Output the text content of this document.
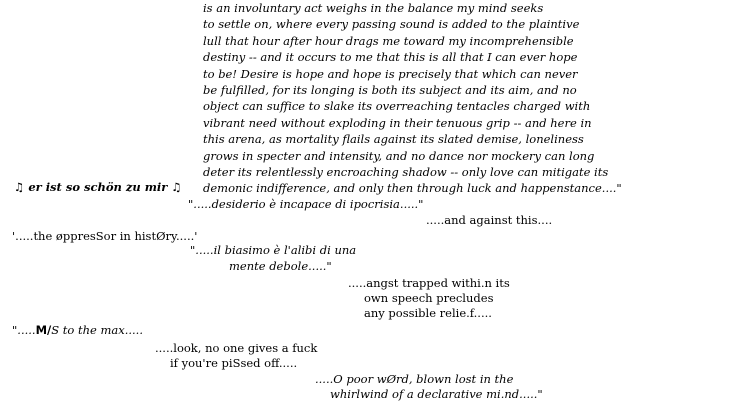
is an involuntary act weighs in the balance my mind seeks
to settle on, where every passing sound is added to the plaintive
lull that hour after hour drags me toward my incomprehensible
destiny -- and it occurs to me that this is all that I can ever hope
to be! Desire is hope and hope is precisely that which can never
be fulfilled, for its longing is both its subject and its aim, and no
object can suffice to slake its overreaching tentacles charged with
vibrant need without exploding in their tenuous grip -- and here in
this arena, as mortality flails against its slated demise, loneliness
grows in specter and intensity, and no dance nor mockery can long
deter its relentlessly encroaching shadow -- only love can mitigate its
demonic indifference, and only then through luck and happenstance...."
♫ er ist so schön zu mir ♫
".....desiderio è incapace di ipocrisia....."
.....and against this....
'.....the øppresSor in histØry.....'
".....il biasimo è l'alibi di una
mente debole....."
.....angst trapped withi.n its
own speech precludes
any possible relie.f.....
".....M/S to the max.....
.....look, no one gives a fuck
if you're piSsed off.....
.....O poor wØrd, blown lost in the
whirlwind of a declarative mi.nd....."
